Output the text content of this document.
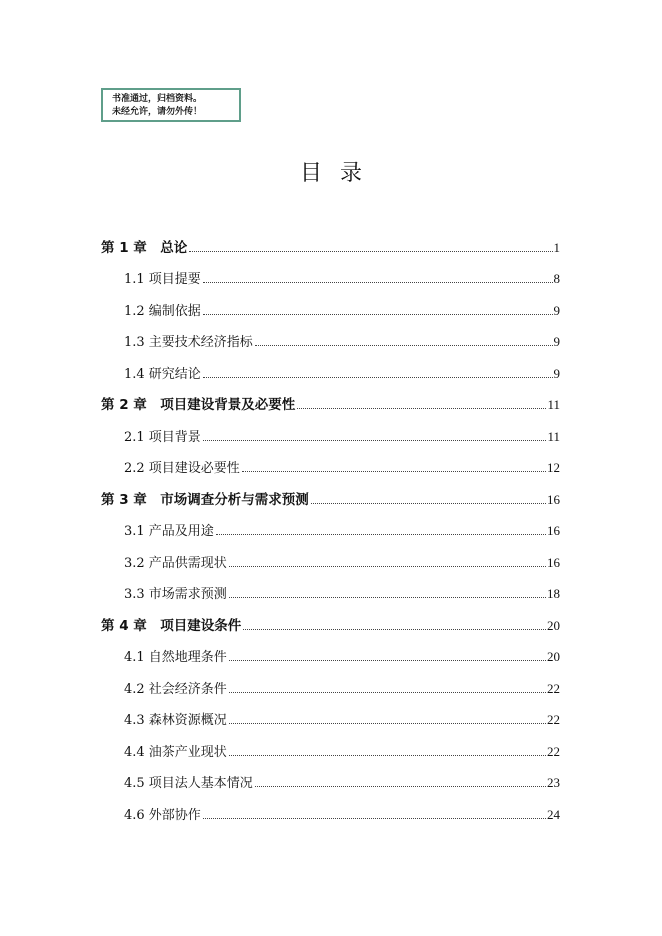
书准通过，归档资料。
未经允许，请勿外传！
目录
第 1 章　总论	1
1.1 项目提要	8
1.2 编制依据	9
1.3 主要技术经济指标	9
1.4 研究结论	9
第 2 章　项目建设背景及必要性	11
2.1 项目背景	11
2.2 项目建设必要性	12
第 3 章　市场调查分析与需求预测	16
3.1 产品及用途	16
3.2 产品供需现状	16
3.3 市场需求预测	18
第 4 章　项目建设条件	20
4.1 自然地理条件	20
4.2 社会经济条件	22
4.3 森林资源概况	22
4.4 油茶产业现状	22
4.5 项目法人基本情况	23
4.6 外部协作	24
